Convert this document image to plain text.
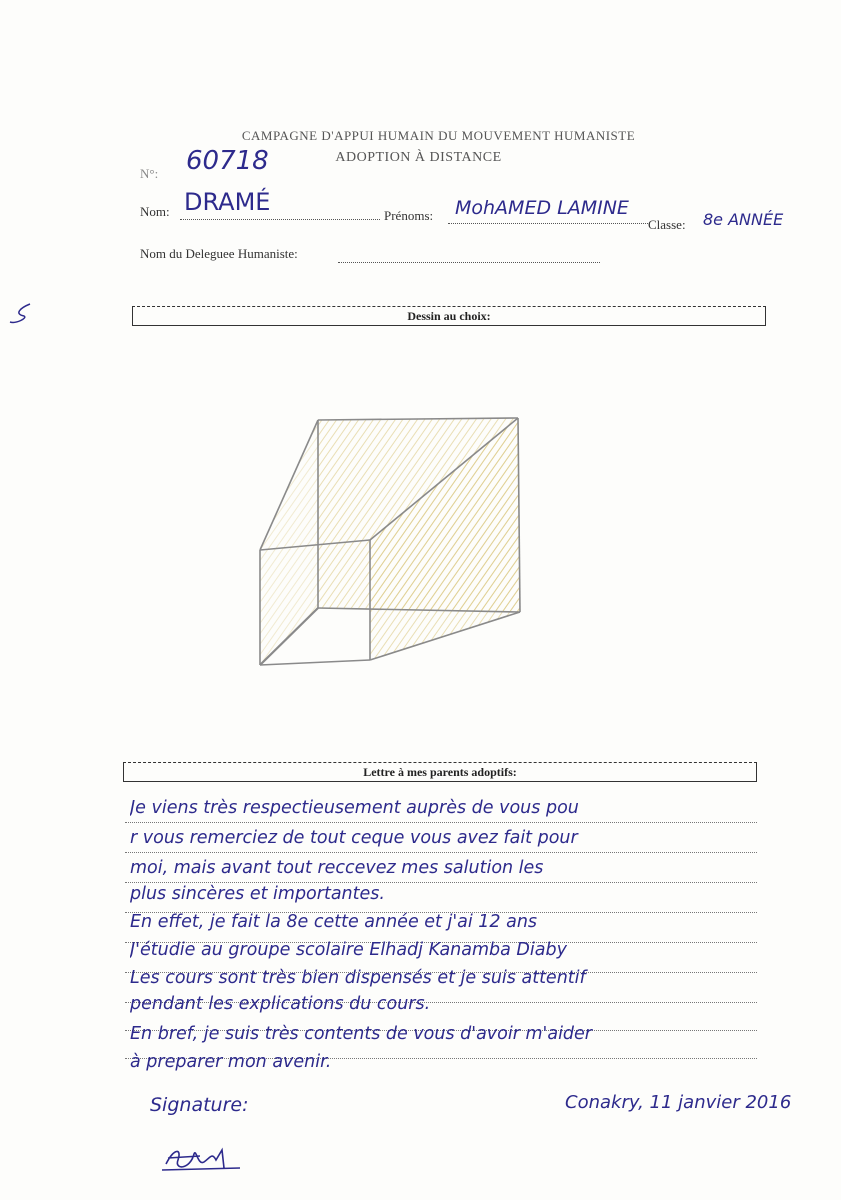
CAMPAGNE D'APPUI HUMAIN DU MOUVEMENT HUMANISTE
ADOPTION À DISTANCE
N°: 60718
Nom: DRAMÉ	Prénoms: MohAMED LAMINE
Classe: 8e ANNÉE
Nom du Deleguee Humaniste:
Dessin au choix:
Lettre à mes parents adoptifs:
Je viens très respectieusement auprès de vous pou
r vous remerciez de tout ceque vous avez fait pour
moi, mais avant tout reccevez mes salution les
plus sincères et importantes.
En effet, je fait la 8e cette année et j'ai 12 ans
J'étudie au groupe scolaire Elhadj Kanamba Diaby
Les cours sont très bien dispensés et je suis attentif
pendant les explications du cours.
En bref, je suis très contents de vous d'avoir m'aider
à preparer mon avenir.
Signature:	Conakry, 11 janvier 2016
